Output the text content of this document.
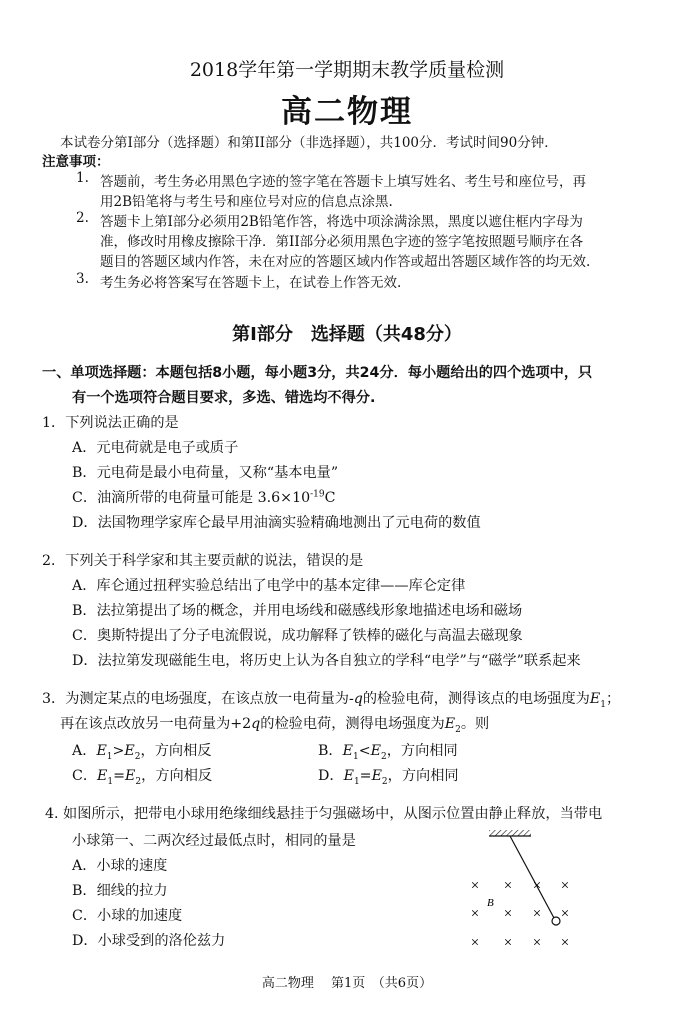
2018学年第一学期期末教学质量检测
高二物理
本试卷分第I部分（选择题）和第II部分（非选择题），共100分．考试时间90分钟．
注意事项：
1. 答题前，考生务必用黑色字迹的签字笔在答题卡上填写姓名、考生号和座位号，再
用2B铅笔将与考生号和座位号对应的信息点涂黑.
2. 答题卡上第I部分必须用2B铅笔作答，将选中项涂满涂黑，黑度以遮住框内字母为
准，修改时用橡皮擦除干净．第II部分必须用黑色字迹的签字笔按照题号顺序在各
题目的答题区域内作答，未在对应的答题区域内作答或超出答题区域作答的均无效.
3. 考生务必将答案写在答题卡上，在试卷上作答无效.
第I部分　选择题（共48分）
一、单项选择题：本题包括8小题，每小题3分，共24分．每小题给出的四个选项中，只
有一个选项符合题目要求，多选、错选均不得分.
1．下列说法正确的是
A．元电荷就是电子或质子
B．元电荷是最小电荷量，又称“基本电量”
C．油滴所带的电荷量可能是 $3.6\times 10^{-19}C$
D．法国物理学家库仑最早用油滴实验精确地测出了元电荷的数值
2．下列关于科学家和其主要贡献的说法，错误的是
A．库仑通过扭秤实验总结出了电学中的基本定律——库仑定律
B．法拉第提出了场的概念，并用电场线和磁感线形象地描述电场和磁场
C．奥斯特提出了分子电流假说，成功解释了铁棒的磁化与高温去磁现象
D．法拉第发现磁能生电，将历史上认为各自独立的学科“电学”与“磁学”联系起来
3．为测定某点的电场强度，在该点放一电荷量为-q的检验电荷，测得该点的电场强度为$E_1$；
再在该点改放另一电荷量为+2q的检验电荷，测得电场强度为$E_2$。则
A．$E_1>E_2$，方向相反	B．$E_1<E_2$，方向相同
C．$E_1=E_2$，方向相反	D．$E_1=E_2$，方向相同
4. 如图所示，把带电小球用绝缘细线悬挂于匀强磁场中，从图示位置由静止释放，当带电
小球第一、二两次经过最低点时，相同的量是
A．小球的速度
B．细线的拉力
C．小球的加速度
D．小球受到的洛伦兹力
× × × ×
× × × ×
× × × ×
B
高二物理　 第1页　（共6页）
